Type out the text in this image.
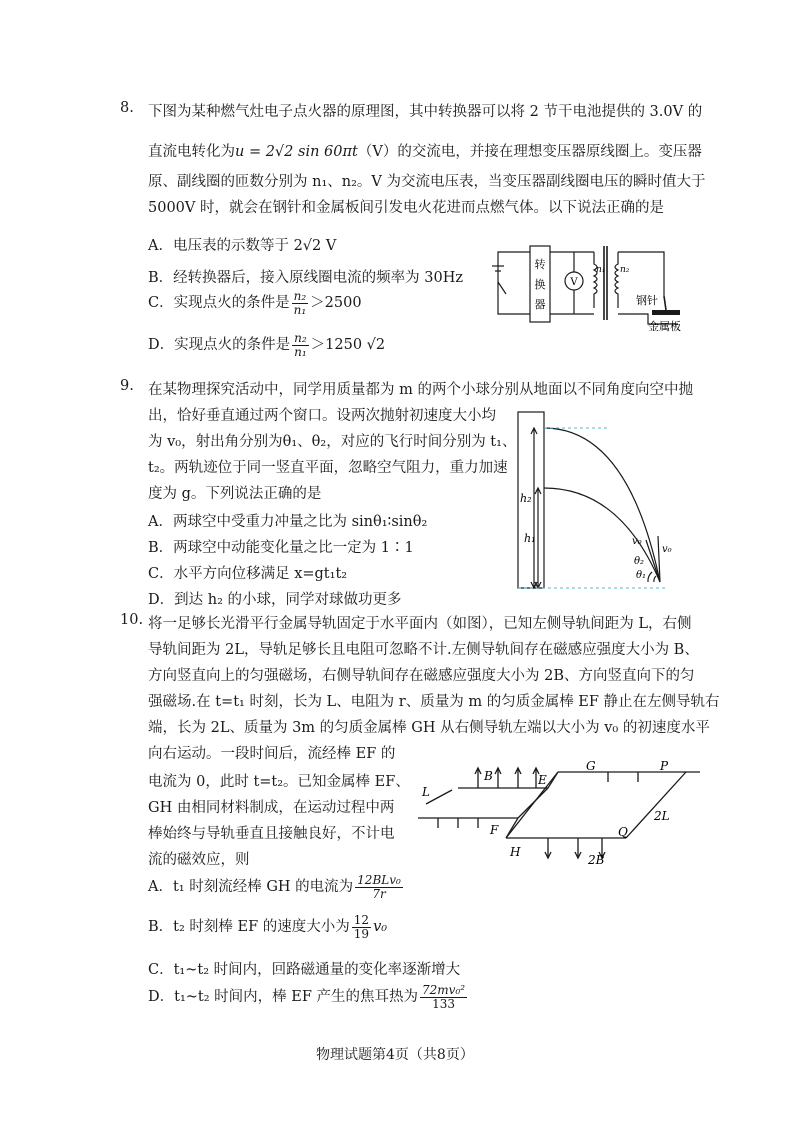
8. 下图为某种燃气灶电子点火器的原理图，其中转换器可以将 2 节干电池提供的 3.0V 的
直流电转化为u = 2√2 sin 60πt（V）的交流电，并接在理想变压器原线圈上。变压器
原、副线圈的匝数分别为 n₁、n₂。V 为交流电压表，当变压器副线圈电压的瞬时值大于
5000V 时，就会在钢针和金属板间引发电火花进而点燃气体。以下说法正确的是
A．电压表的示数等于 2√2 V
B．经转换器后，接入原线圈电流的频率为 30Hz
C．实现点火的条件是 $\frac{\text{n₂}}{\text{n₁}} >2500$
D．实现点火的条件是 $\frac{\text{n₂}}{\text{n₁}} >1250$ √2
转
换
器
V
n₁ n₂
钢针
金属板
9. 在某物理探究活动中，同学用质量都为 m 的两个小球分别从地面以不同角度向空中抛
出，恰好垂直通过两个窗口。设两次抛射初速度大小均
为 v₀，射出角分别为θ₁、θ₂，对应的飞行时间分别为 t₁、
t₂。两轨迹位于同一竖直平面，忽略空气阻力，重力加速
度为 g。下列说法正确的是
A．两球空中受重力冲量之比为 sinθ₁∶sinθ₂
B．两球空中动能变化量之比一定为 1∶1
C．水平方向位移满足 x=gt₁t₂
D．到达 h₂ 的小球，同学对球做功更多
h₂
h₁	v₀
v₀
θ₂
θ₁
10. 将一足够长光滑平行金属导轨固定于水平面内（如图），已知左侧导轨间距为 L，右侧
导轨间距为 2L，导轨足够长且电阻可忽略不计.左侧导轨间存在磁感应强度大小为 B、
方向竖直向上的匀强磁场，右侧导轨间存在磁感应强度大小为 2B、方向竖直向下的匀
强磁场.在 t=t₁ 时刻，长为 L、电阻为 r、质量为 m 的匀质金属棒 EF 静止在左侧导轨右
端，长为 2L、质量为 3m 的匀质金属棒 GH 从右侧导轨左端以大小为 v₀ 的初速度水平
向右运动。一段时间后，流经棒 EF 的
电流为 0，此时 t=t₂。已知金属棒 EF、
GH 由相同材料制成，在运动过程中两
棒始终与导轨垂直且接触良好，不计电
流的磁效应，则
A．t₁ 时刻流经棒 GH 的电流为 $\frac{\text{12BLv₀}}{7r}$
B．t₂ 时刻棒 EF 的速度大小为 $\frac{12}{19} v_0$
C．t₁~t₂ 时间内，回路磁通量的变化率逐渐增大
D．t₁~t₂ 时间内，棒 EF 产生的焦耳热为 $\frac{\text{72mv₀²}}{133}$
B	E
G	P
L
2L
F
H
Q
2B
物理试题第4页（共8页）
